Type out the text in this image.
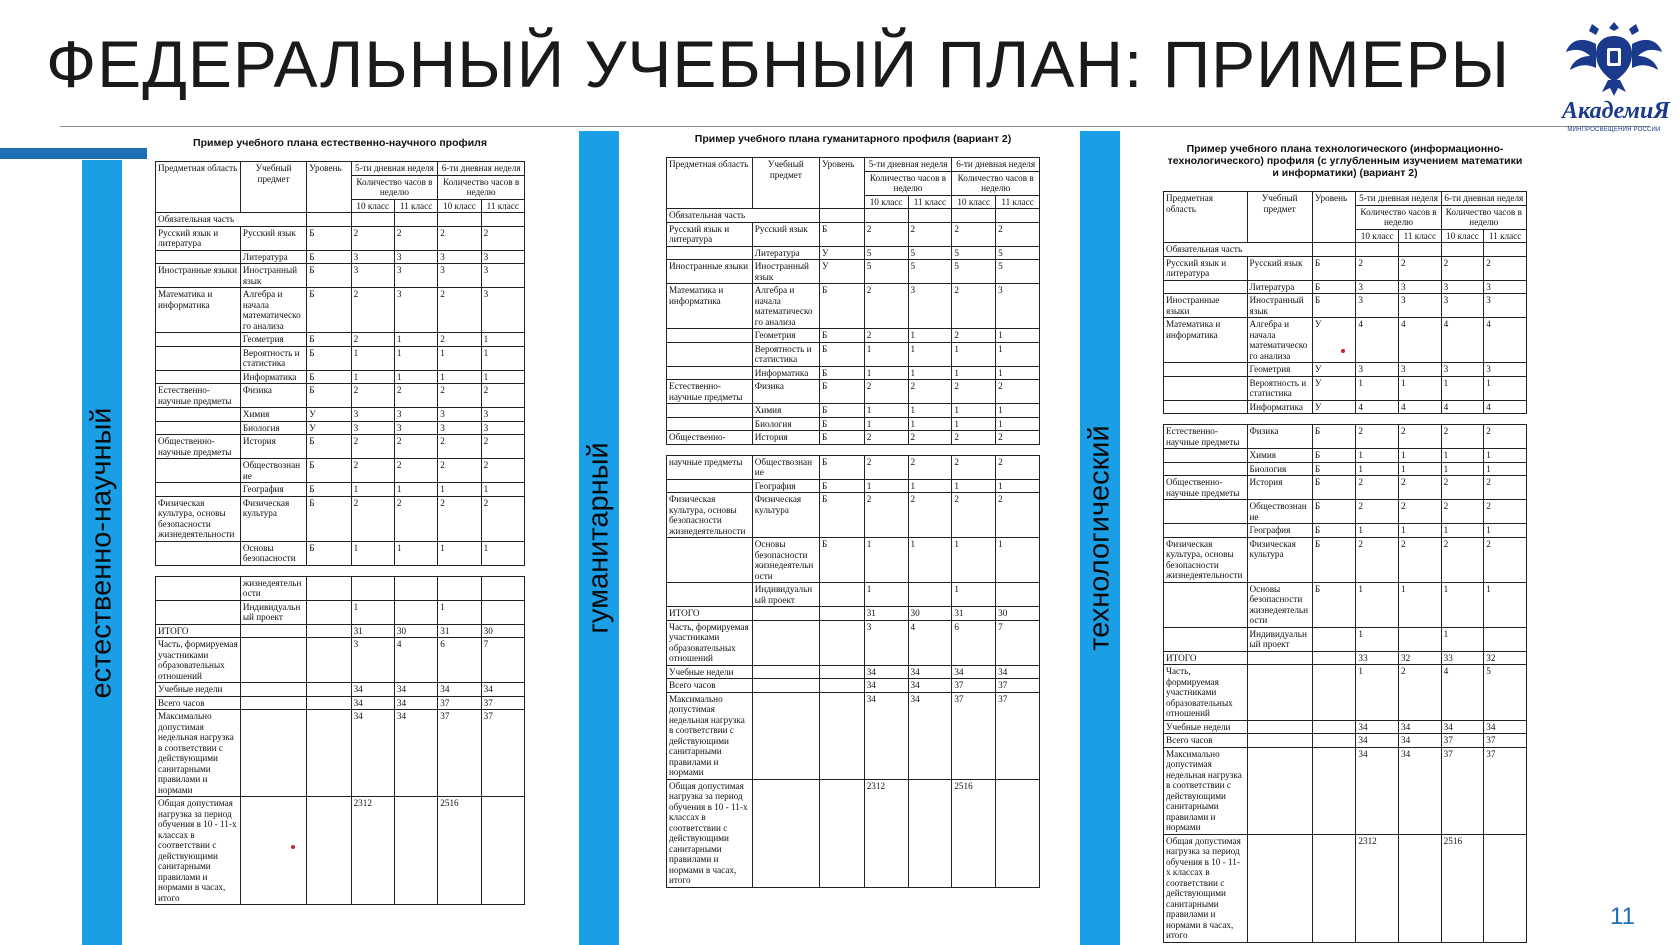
ФЕДЕРАЛЬНЫЙ УЧЕБНЫЙ ПЛАН: ПРИМЕРЫ
АкадемиЯ
МИНПРОСВЕЩЕНИЯ РОССИИ
естественно-научный	гуманитарный	технологический
Пример учебного плана естественно-научного профиля
Предметная область	Учебный предмет	Уровень	5-ти дневная неделя		6-ти дневная неделя	
			Количество часов в неделю		Количество часов в неделю	
			10 класс	11 класс	10 класс	11 класс
Обязательная часть						
Русский язык и литература	Русский язык	Б	2	2	2	2
	Литература	Б	3	3	3	3
Иностранные языки	Иностранный язык	Б	3	3	3	3
Математика и информатика	Алгебра и начала математическо го анализа	Б	2	3	2	3
	Геометрия	Б	2	1	2	1
	Вероятность и статистика	Б	1	1	1	1
	Информатика	Б	1	1	1	1
Естественно-научные предметы	Физика	Б	2	2	2	2
	Химия	У	3	3	3	3
	Биология	У	3	3	3	3
Общественно-научные предметы	История	Б	2	2	2	2
	Обществознан ие	Б	2	2	2	2
	География	Б	1	1	1	1
Физическая культура, основы безопасности жизнедеятельности	Физическая культура	Б	2	2	2	2
	Основы безопасности	Б	1	1	1	1
	жизнедеятельн ости					
	Индивидуальн ый проект		1		1	
ИТОГО			31	30	31	30
Часть, формируемая участниками образовательных отношений			3	4	6	7
Учебные недели			34	34	34	34
Всего часов			34	34	37	37
Максимально допустимая недельная нагрузка в соответствии с действующими санитарными правилами и нормами			34	34	37	37
Общая допустимая нагрузка за период обучения в 10 - 11-х классах в соответствии с действующими санитарными правилами и нормами в часах, итого			2312		2516	
Пример учебного плана гуманитарного профиля (вариант 2)
Предметная область	Учебный предмет	Уровень	5-ти дневная неделя		6-ти дневная неделя	
			Количество часов в неделю		Количество часов в неделю	
			10 класс	11 класс	10 класс	11 класс
Обязательная часть						
Русский язык и литература	Русский язык	Б	2	2	2	2
	Литература	У	5	5	5	5
Иностранные языки	Иностранный язык	У	5	5	5	5
Математика и информатика	Алгебра и начала математическо го анализа	Б	2	3	2	3
	Геометрия	Б	2	1	2	1
	Вероятность и статистика	Б	1	1	1	1
	Информатика	Б	1	1	1	1
Естественно-научные предметы	Физика	Б	2	2	2	2
	Химия	Б	1	1	1	1
	Биология	Б	1	1	1	1
Общественно-	История	Б	2	2	2	2
научные предметы	Обществознан ие	Б	2	2	2	2
	География	Б	1	1	1	1
Физическая культура, основы безопасности жизнедеятельности	Физическая культура	Б	2	2	2	2
	Основы безопасности жизнедеятельн ости	Б	1	1	1	1
	Индивидуальн ый проект		1		1	
ИТОГО			31	30	31	30
Часть, формируемая участниками образовательных отношений			3	4	6	7
Учебные недели			34	34	34	34
Всего часов			34	34	37	37
Максимально допустимая недельная нагрузка в соответствии с действующими санитарными правилами и нормами			34	34	37	37
Общая допустимая нагрузка за период обучения в 10 - 11-х классах в соответствии с действующими санитарными правилами и нормами в часах, итого			2312		2516	
Пример учебного плана технологического (информационно-технологического) профиля (с углубленным изучением математики и информатики) (вариант 2)
Предметная область	Учебный предмет	Уровень	5-ти дневная неделя		6-ти дневная неделя	
			Количество часов в неделю		Количество часов в неделю	
			10 класс	11 класс	10 класс	11 класс
Обязательная часть						
Русский язык и литература	Русский язык	Б	2	2	2	2
	Литература	Б	3	3	3	3
Иностранные языки	Иностранный язык	Б	3	3	3	3
Математика и информатика	Алгебра и начала математическо го анализа	У	4	4	4	4
	Геометрия	У	3	3	3	3
	Вероятность и статистика	У	1	1	1	1
	Информатика	У	4	4	4	4
Естественно-научные предметы	Физика	Б	2	2	2	2
	Химия	Б	1	1	1	1
	Биология	Б	1	1	1	1
Общественно-научные предметы	История	Б	2	2	2	2
	Обществознан ие	Б	2	2	2	2
	География	Б	1	1	1	1
Физическая культура, основы безопасности жизнедеятельности	Физическая культура	Б	2	2	2	2
	Основы безопасности жизнедеятельн ости	Б	1	1	1	1
	Индивидуальн ый проект		1		1	
ИТОГО			33	32	33	32
Часть, формируемая участниками образовательных отношений			1	2	4	5
Учебные недели			34	34	34	34
Всего часов			34	34	37	37
Максимально допустимая недельная нагрузка в соответствии с действующими санитарными правилами и нормами			34	34	37	37
Общая допустимая нагрузка за период обучения в 10 - 11-х классах в соответствии с действующими санитарными правилами и нормами в часах, итого			2312		2516	
11
